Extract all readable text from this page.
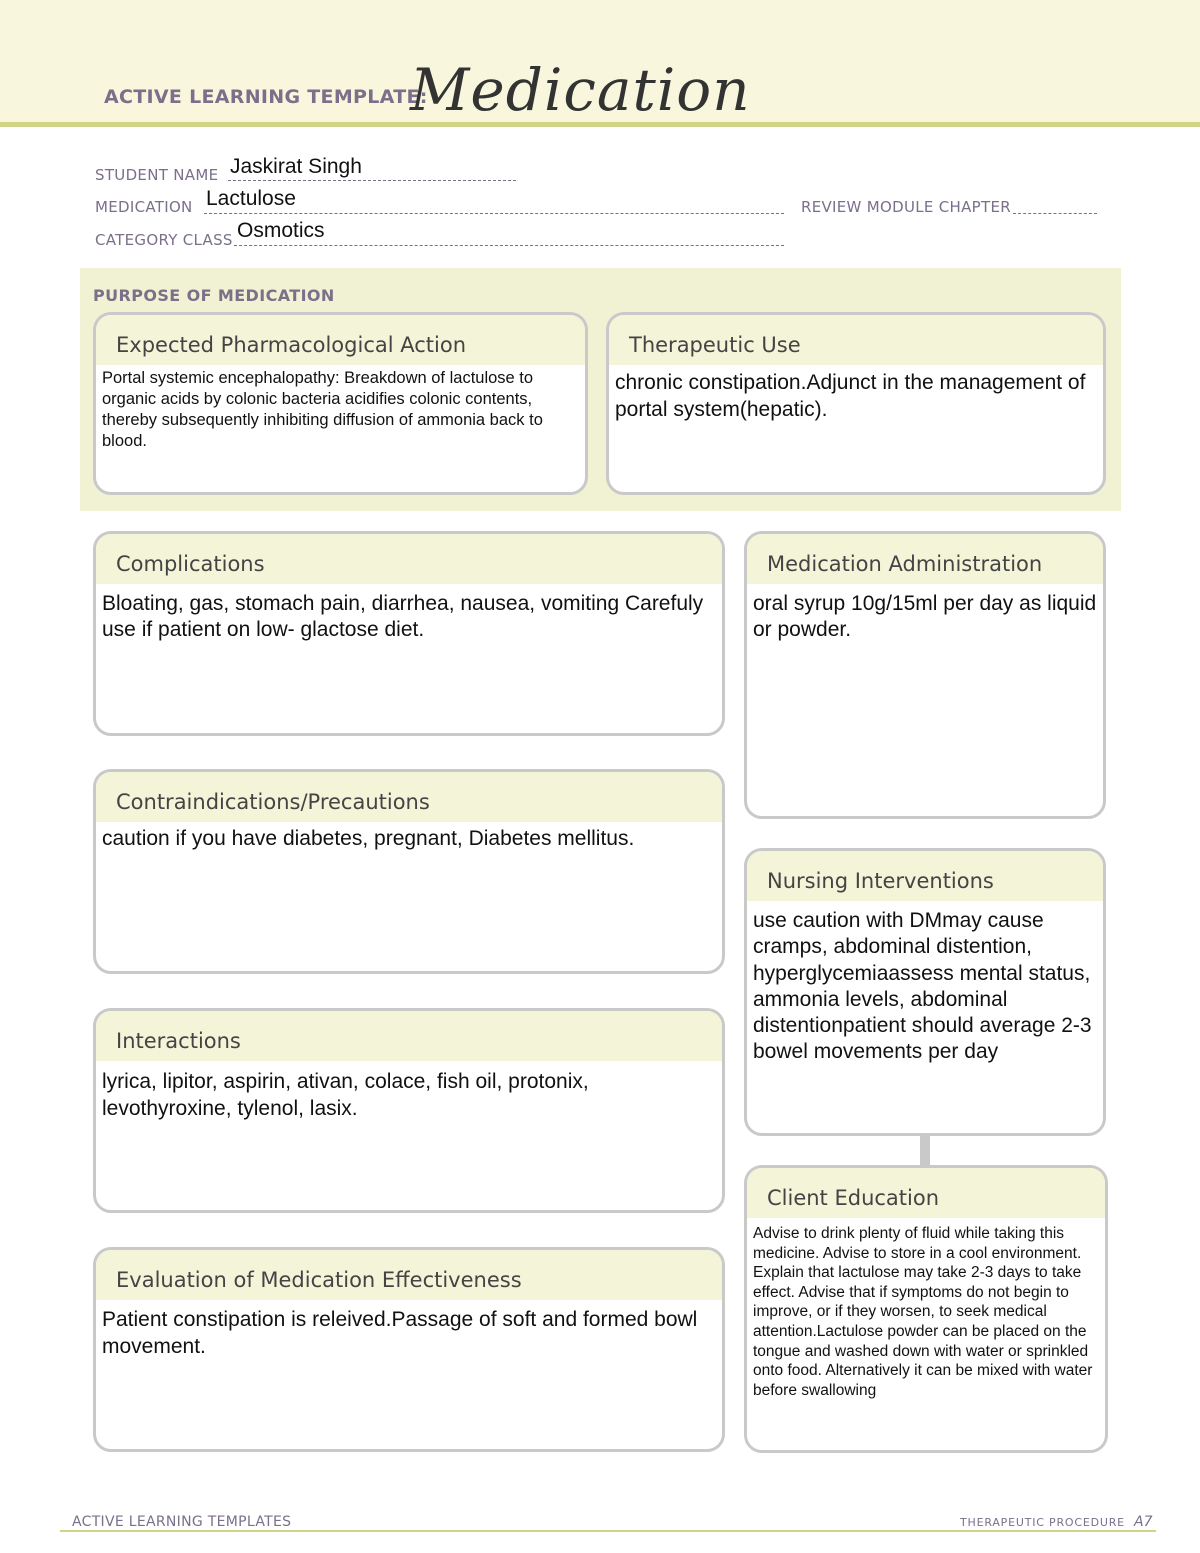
ACTIVE LEARNING TEMPLATE:
Medication
STUDENT NAME Jaskirat Singh
MEDICATION Lactulose	REVIEW MODULE CHAPTER
CATEGORY CLASS Osmotics
PURPOSE OF MEDICATION
Expected Pharmacological Action
Portal systemic encephalopathy: Breakdown of lactulose to organic acids by colonic bacteria acidifies colonic contents, thereby subsequently inhibiting diffusion of ammonia back to blood.
Therapeutic Use
chronic constipation.Adjunct in the management of portal system(hepatic).
Complications
Bloating, gas, stomach pain, diarrhea, nausea, vomiting Carefuly use if patient on low- glactose diet.
Contraindications/Precautions
caution if you have diabetes, pregnant, Diabetes mellitus.
Interactions
lyrica, lipitor, aspirin, ativan, colace, fish oil, protonix, levothyroxine, tylenol, lasix.
Evaluation of Medication Effectiveness
Patient constipation is releived.Passage of soft and formed bowl movement.
Medication Administration
oral syrup 10g/15ml per day as liquid or powder.
Nursing Interventions
use caution with DMmay cause cramps, abdominal distention, hyperglycemiaassess mental status, ammonia levels, abdominal distentionpatient should average 2-3 bowel movements per day
Client Education
Advise to drink plenty of fluid while taking this medicine. Advise to store in a cool environment. Explain that lactulose may take 2-3 days to take effect. Advise that if symptoms do not begin to improve, or if they worsen, to seek medical attention.Lactulose powder can be placed on the tongue and washed down with water or sprinkled onto food. Alternatively it can be mixed with water before swallowing
ACTIVE LEARNING TEMPLATES	THERAPEUTIC PROCEDURE A7
